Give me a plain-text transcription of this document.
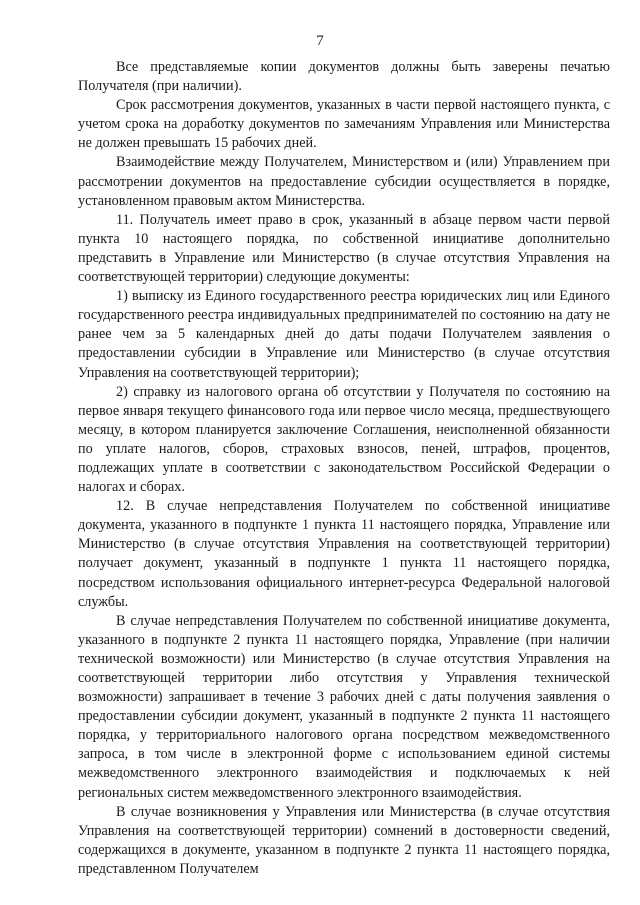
7

Все представляемые копии документов должны быть заверены печатью Получателя (при наличии).

Срок рассмотрения документов, указанных в части первой настоящего пункта, с учетом срока на доработку документов по замечаниям Управления или Министерства не должен превышать 15 рабочих дней.

Взаимодействие между Получателем, Министерством и (или) Управлением при рассмотрении документов на предоставление субсидии осуществляется в порядке, установленном правовым актом Министерства.

11. Получатель имеет право в срок, указанный в абзаце первом части первой пункта 10 настоящего порядка, по собственной инициативе дополнительно представить в Управление или Министерство (в случае отсутствия Управления на соответствующей территории) следующие документы:

1) выписку из Единого государственного реестра юридических лиц или Единого государственного реестра индивидуальных предпринимателей по состоянию на дату не ранее чем за 5 календарных дней до даты подачи Получателем заявления о предоставлении субсидии в Управление или Министерство (в случае отсутствия Управления на соответствующей территории);

2) справку из налогового органа об отсутствии у Получателя по состоянию на первое января текущего финансового года или первое число месяца, предшествующего месяцу, в котором планируется заключение Соглашения, неисполненной обязанности по уплате налогов, сборов, страховых взносов, пеней, штрафов, процентов, подлежащих уплате в соответствии с законодательством Российской Федерации о налогах и сборах.

12. В случае непредставления Получателем по собственной инициативе документа, указанного в подпункте 1 пункта 11 настоящего порядка, Управление или Министерство (в случае отсутствия Управления на соответствующей территории) получает документ, указанный в подпункте 1 пункта 11 настоящего порядка, посредством использования официального интернет-ресурса Федеральной налоговой службы.

В случае непредставления Получателем по собственной инициативе документа, указанного в подпункте 2 пункта 11 настоящего порядка, Управление (при наличии технической возможности) или Министерство (в случае отсутствия Управления на соответствующей территории либо отсутствия у Управления технической возможности) запрашивает в течение 3 рабочих дней с даты получения заявления о предоставлении субсидии документ, указанный в подпункте 2 пункта 11 настоящего порядка, у территориального налогового органа посредством межведомственного запроса, в том числе в электронной форме с использованием единой системы межведомственного электронного взаимодействия и подключаемых к ней региональных систем межведомственного электронного взаимодействия.

В случае возникновения у Управления или Министерства (в случае отсутствия Управления на соответствующей территории) сомнений в достоверности сведений, содержащихся в документе, указанном в подпункте 2 пункта 11 настоящего порядка, представленном Получателем
